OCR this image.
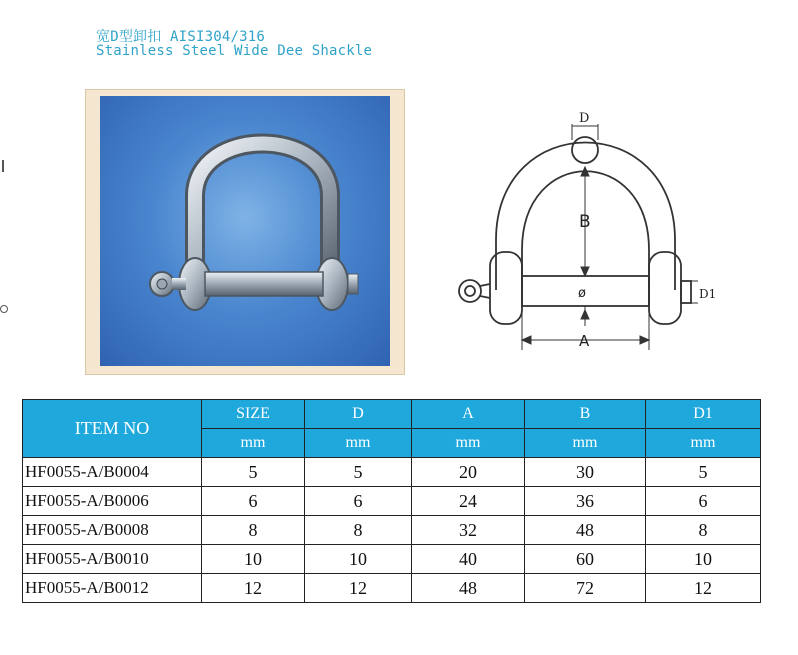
宽D型卸扣 AISI304/316
Stainless Steel Wide Dee Shackle
D
B
ø
A
D1
ITEM NO	SIZE	D	A	B	D1
	mm	mm	mm	mm	mm
HF0055-A/B0004	5	5	20	30	5
HF0055-A/B0006	6	6	24	36	6
HF0055-A/B0008	8	8	32	48	8
HF0055-A/B0010	10	10	40	60	10
HF0055-A/B0012	12	12	48	72	12
